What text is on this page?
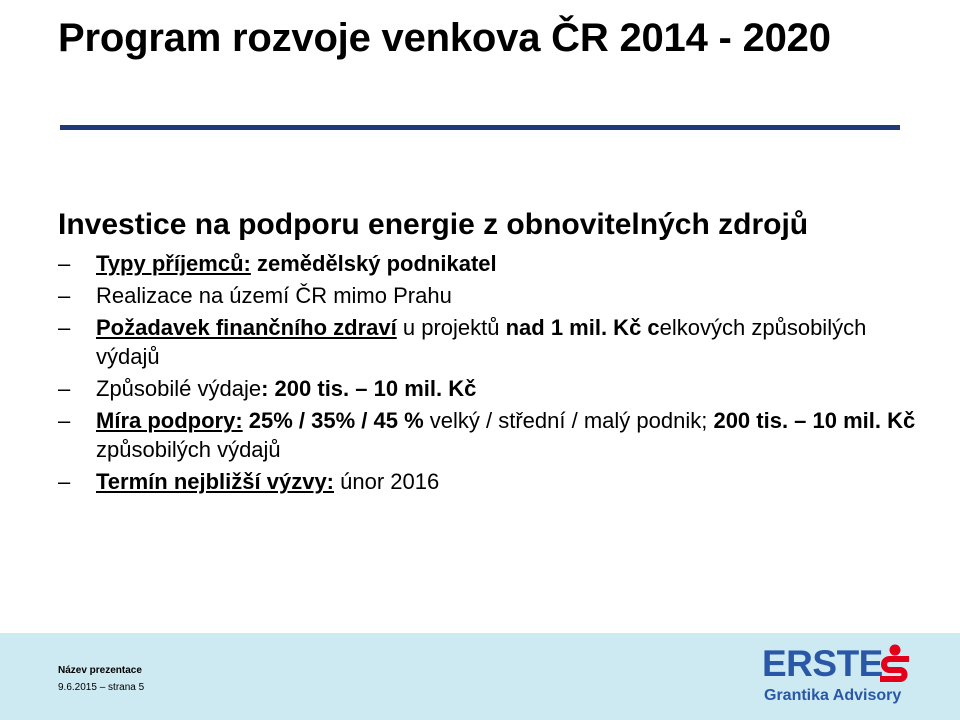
Program rozvoje venkova ČR 2014 - 2020
Investice na podporu energie z obnovitelných zdrojů
– Typy příjemců: zemědělský podnikatel
– Realizace na území ČR mimo Prahu
– Požadavek finančního zdraví u projektů nad 1 mil. Kč celkových způsobilých výdajů
– Způsobilé výdaje: 200 tis. – 10 mil. Kč
– Míra podpory: 25% / 35% / 45 % velký / střední / malý podnik; 200 tis. – 10 mil. Kč způsobilých výdajů
– Termín nejbližší výzvy: únor 2016
Název prezentace
9.6.2015 – strana 5
ERSTE
Grantika Advisory
